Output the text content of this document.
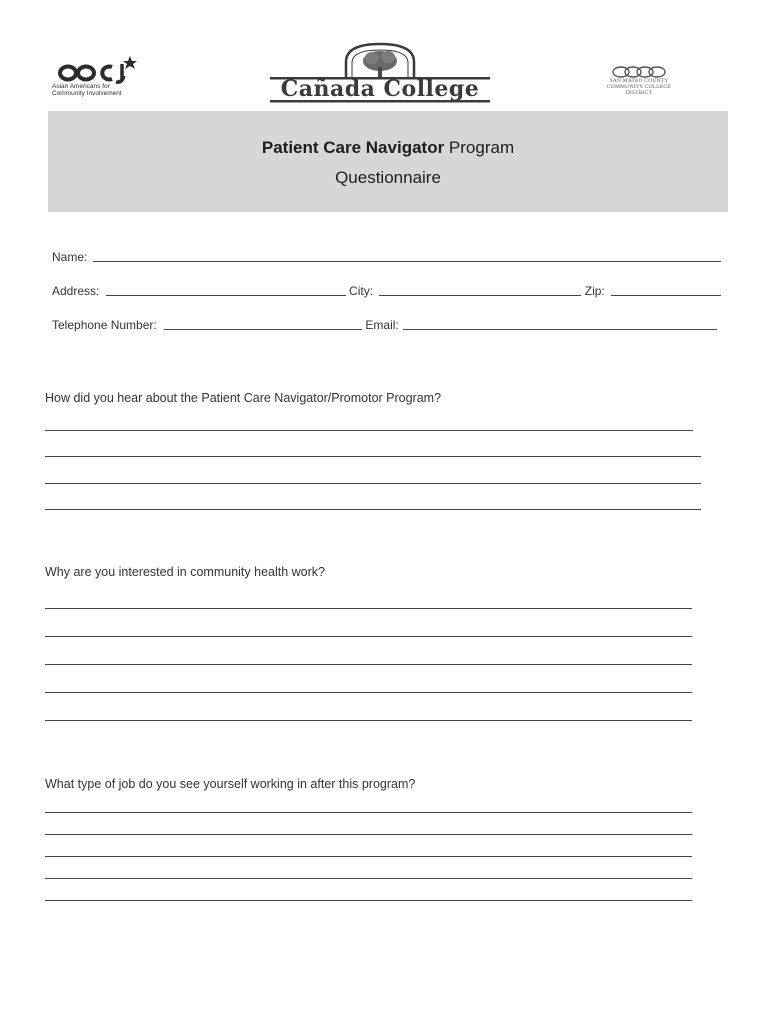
Asian Americans for
Community Involvement	Cañada College	SAN MATEO COUNTY
COMMUNITY COLLEGE DISTRICT
Patient Care Navigator Program
Questionnaire
Name:
Address:	City:	Zip:
Telephone Number:	Email:
How did you hear about the Patient Care Navigator/Promotor Program?
Why are you interested in community health work?
What type of job do you see yourself working in after this program?
